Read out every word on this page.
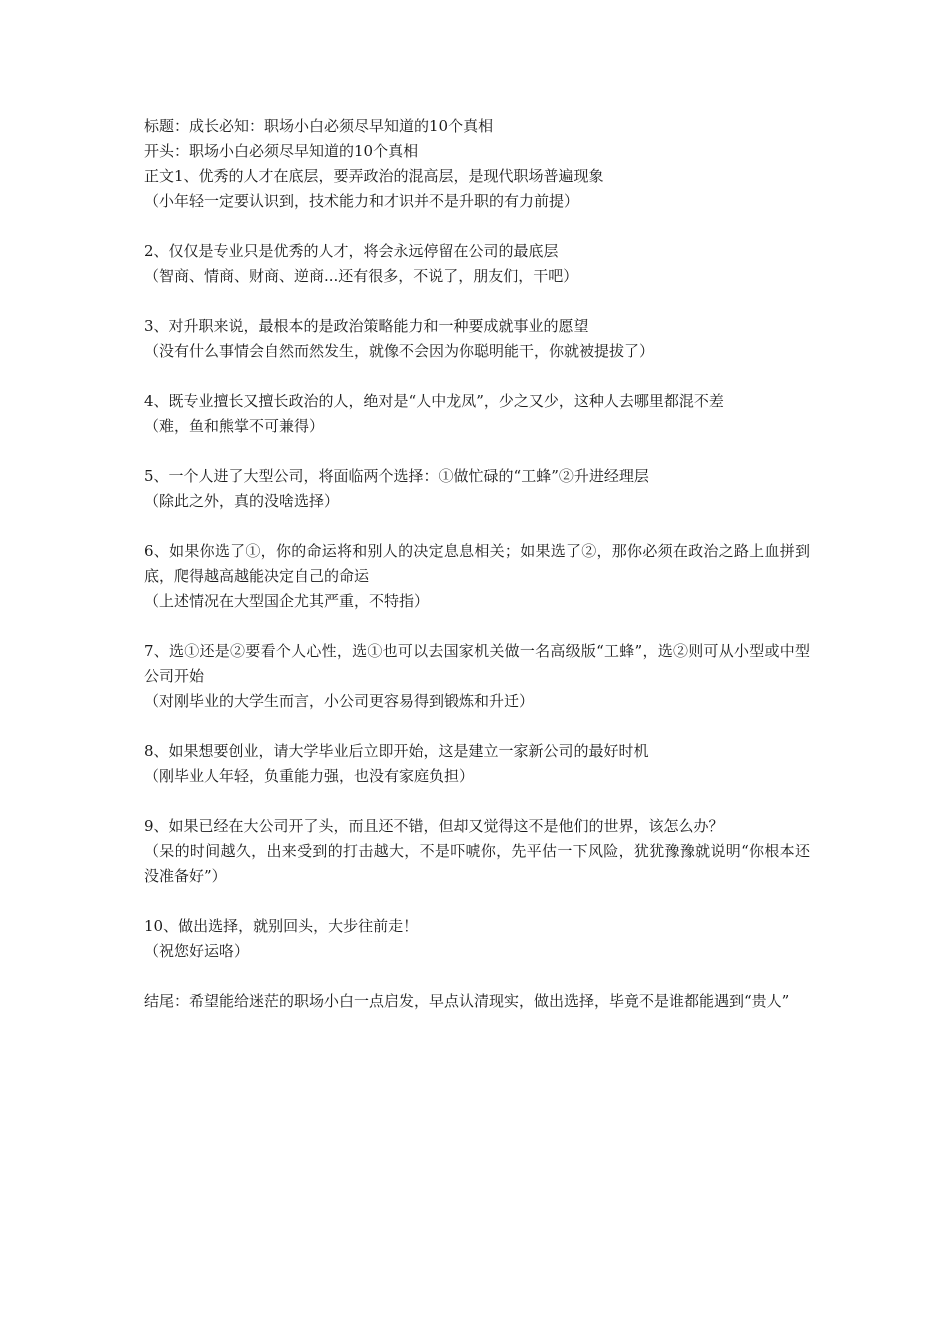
标题：成长必知：职场小白必须尽早知道的10个真相
开头：职场小白必须尽早知道的10个真相
正文1、优秀的人才在底层，要弄政治的混高层，是现代职场普遍现象
（小年轻一定要认识到，技术能力和才识并不是升职的有力前提）
2、仅仅是专业只是优秀的人才，将会永远停留在公司的最底层
（智商、情商、财商、逆商...还有很多，不说了，朋友们，干吧）
3、对升职来说，最根本的是政治策略能力和一种要成就事业的愿望
（没有什么事情会自然而然发生，就像不会因为你聪明能干，你就被提拔了）
4、既专业擅长又擅长政治的人，绝对是“人中龙凤”，少之又少，这种人去哪里都混不差
（难，鱼和熊掌不可兼得）
5、一个人进了大型公司，将面临两个选择：①做忙碌的“工蜂”②升进经理层
（除此之外，真的没啥选择）
6、如果你选了①，你的命运将和别人的决定息息相关；如果选了②，那你必须在政治之路上血拼到底，爬得越高越能决定自己的命运
（上述情况在大型国企尤其严重，不特指）
7、选①还是②要看个人心性，选①也可以去国家机关做一名高级版“工蜂”，选②则可从小型或中型公司开始
（对刚毕业的大学生而言，小公司更容易得到锻炼和升迁）
8、如果想要创业，请大学毕业后立即开始，这是建立一家新公司的最好时机
（刚毕业人年轻，负重能力强，也没有家庭负担）
9、如果已经在大公司开了头，而且还不错，但却又觉得这不是他们的世界，该怎么办？
（呆的时间越久，出来受到的打击越大，不是吓唬你，先平估一下风险，犹犹豫豫就说明“你根本还没准备好”）
10、做出选择，就别回头，大步往前走！
（祝您好运咯）
结尾：希望能给迷茫的职场小白一点启发，早点认清现实，做出选择，毕竟不是谁都能遇到“贵人”
